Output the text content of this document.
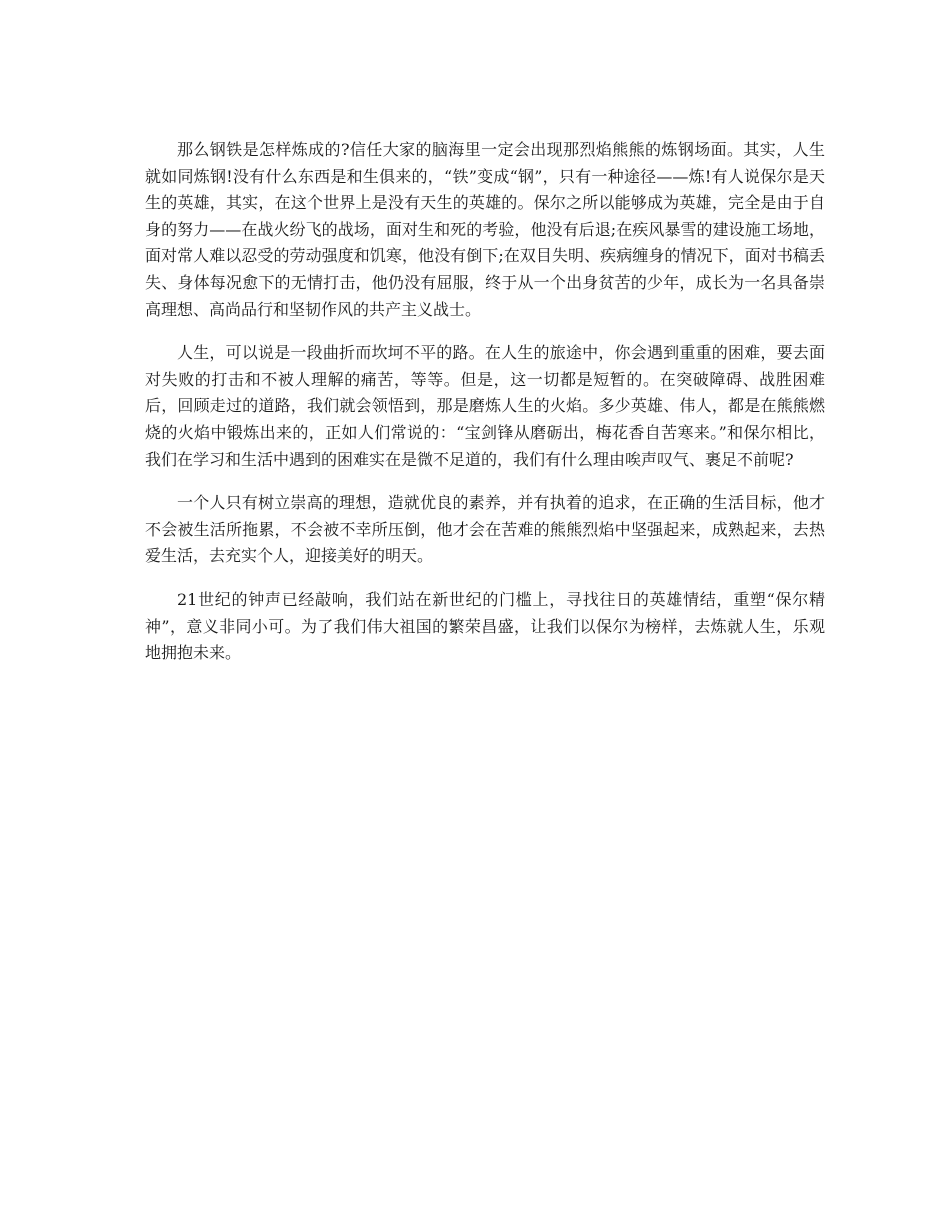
那么钢铁是怎样炼成的?信任大家的脑海里一定会出现那烈焰熊熊的炼钢场面。其实，人生就如同炼钢!没有什么东西是和生俱来的，“铁”变成“钢”，只有一种途径——炼!有人说保尔是天生的英雄，其实，在这个世界上是没有天生的英雄的。保尔之所以能够成为英雄，完全是由于自身的努力——在战火纷飞的战场，面对生和死的考验，他没有后退;在疾风暴雪的建设施工场地，面对常人难以忍受的劳动强度和饥寒，他没有倒下;在双目失明、疾病缠身的情况下，面对书稿丢失、身体每况愈下的无情打击，他仍没有屈服，终于从一个出身贫苦的少年，成长为一名具备崇高理想、高尚品行和坚韧作风的共产主义战士。

人生，可以说是一段曲折而坎坷不平的路。在人生的旅途中，你会遇到重重的困难，要去面对失败的打击和不被人理解的痛苦，等等。但是，这一切都是短暂的。在突破障碍、战胜困难后，回顾走过的道路，我们就会领悟到，那是磨炼人生的火焰。多少英雄、伟人，都是在熊熊燃烧的火焰中锻炼出来的，正如人们常说的：“宝剑锋从磨砺出，梅花香自苦寒来。”和保尔相比，我们在学习和生活中遇到的困难实在是微不足道的，我们有什么理由唉声叹气、裹足不前呢?

一个人只有树立崇高的理想，造就优良的素养，并有执着的追求，在正确的生活目标，他才不会被生活所拖累，不会被不幸所压倒，他才会在苦难的熊熊烈焰中坚强起来，成熟起来，去热爱生活，去充实个人，迎接美好的明天。

21世纪的钟声已经敲响，我们站在新世纪的门槛上，寻找往日的英雄情结，重塑“保尔精神”，意义非同小可。为了我们伟大祖国的繁荣昌盛，让我们以保尔为榜样，去炼就人生，乐观地拥抱未来。
